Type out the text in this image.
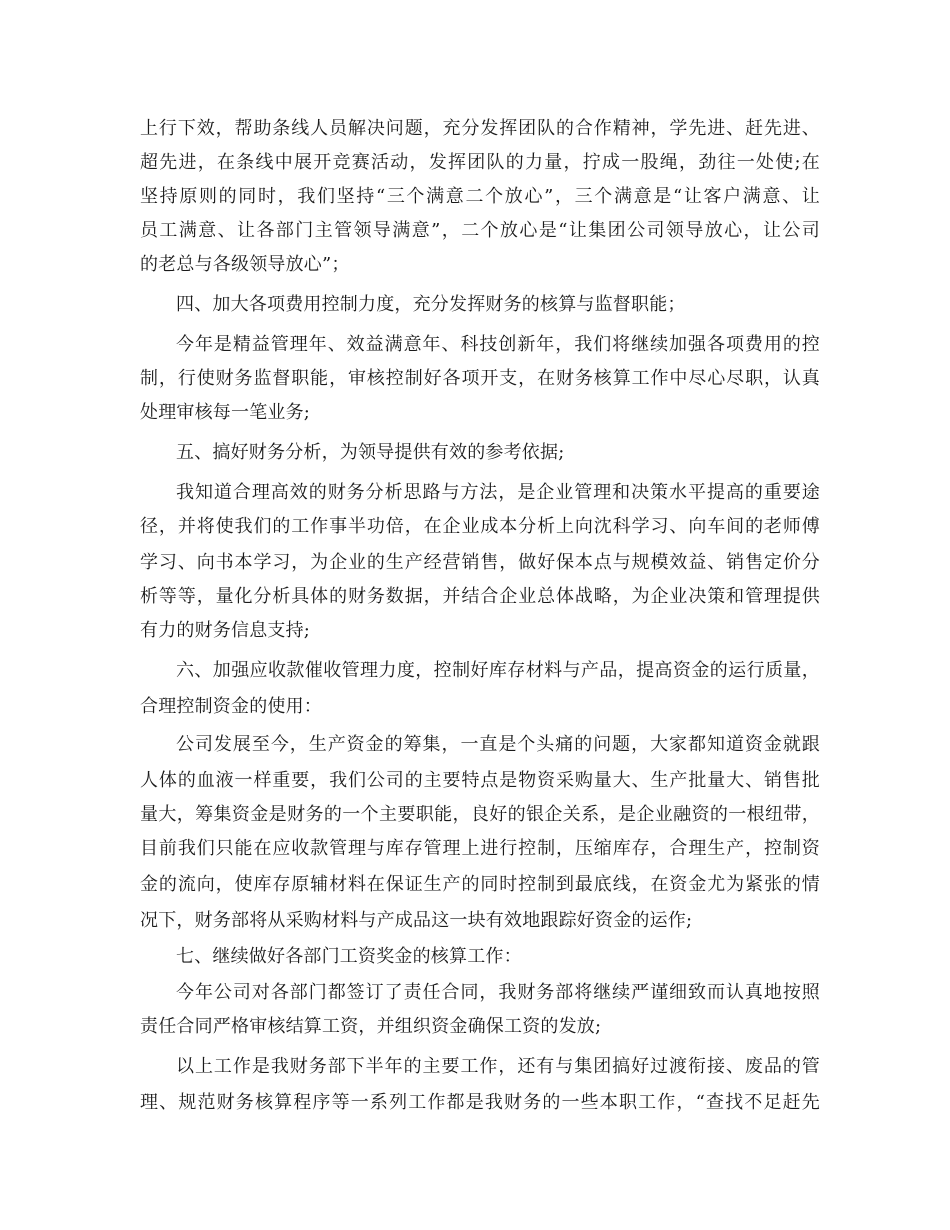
上行下效，帮助条线人员解决问题，充分发挥团队的合作精神，学先进、赶先进、
超先进，在条线中展开竞赛活动，发挥团队的力量，拧成一股绳，劲往一处使;在
坚持原则的同时，我们坚持“三个满意二个放心”，三个满意是“让客户满意、让
员工满意、让各部门主管领导满意”，二个放心是“让集团公司领导放心，让公司
的老总与各级领导放心”；
四、加大各项费用控制力度，充分发挥财务的核算与监督职能；
今年是精益管理年、效益满意年、科技创新年，我们将继续加强各项费用的控
制，行使财务监督职能，审核控制好各项开支，在财务核算工作中尽心尽职，认真
处理审核每一笔业务;
五、搞好财务分析，为领导提供有效的参考依据;
我知道合理高效的财务分析思路与方法，是企业管理和决策水平提高的重要途
径，并将使我们的工作事半功倍，在企业成本分析上向沈科学习、向车间的老师傅
学习、向书本学习，为企业的生产经营销售，做好保本点与规模效益、销售定价分
析等等，量化分析具体的财务数据，并结合企业总体战略，为企业决策和管理提供
有力的财务信息支持;
六、加强应收款催收管理力度，控制好库存材料与产品，提高资金的运行质量，
合理控制资金的使用：
公司发展至今，生产资金的筹集，一直是个头痛的问题，大家都知道资金就跟
人体的血液一样重要，我们公司的主要特点是物资采购量大、生产批量大、销售批
量大，筹集资金是财务的一个主要职能，良好的银企关系，是企业融资的一根纽带，
目前我们只能在应收款管理与库存管理上进行控制，压缩库存，合理生产，控制资
金的流向，使库存原辅材料在保证生产的同时控制到最底线，在资金尤为紧张的情
况下，财务部将从采购材料与产成品这一块有效地跟踪好资金的运作;
七、继续做好各部门工资奖金的核算工作：
今年公司对各部门都签订了责任合同，我财务部将继续严谨细致而认真地按照
责任合同严格审核结算工资，并组织资金确保工资的发放;
以上工作是我财务部下半年的主要工作，还有与集团搞好过渡衔接、废品的管
理、规范财务核算程序等一系列工作都是我财务的一些本职工作，“查找不足赶先
